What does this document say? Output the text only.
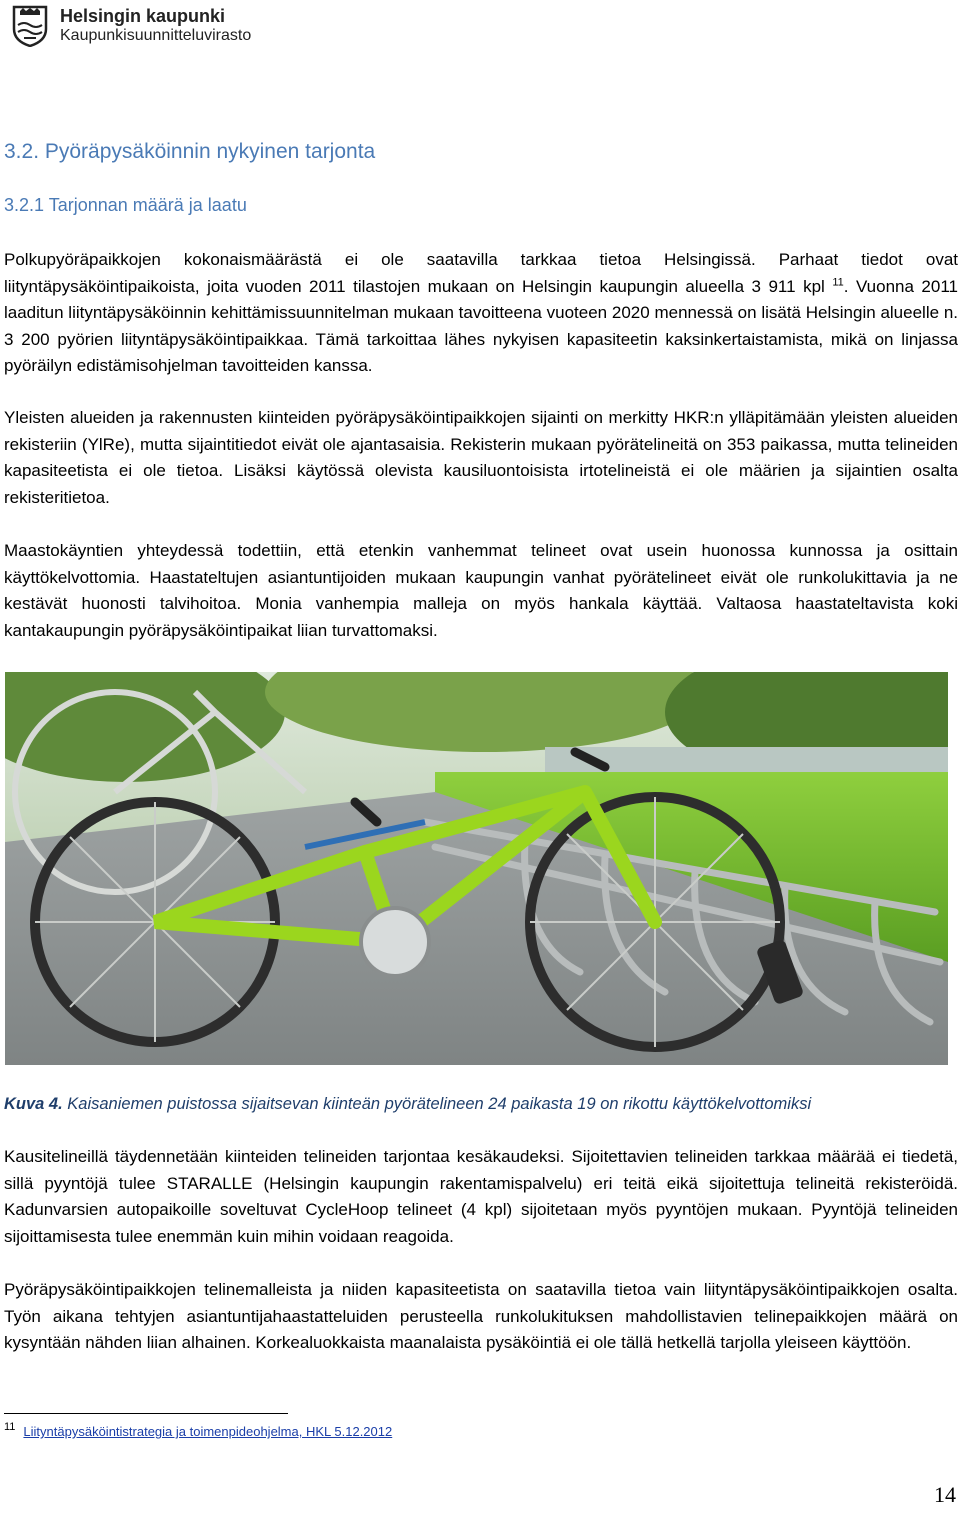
Helsingin kaupunki
Kaupunkisuunnitteluvirasto
3.2. Pyöräpysäköinnin nykyinen tarjonta
3.2.1 Tarjonnan määrä ja laatu

Polkupyöräpaikkojen kokonaismäärästä ei ole saatavilla tarkkaa tietoa Helsingissä. Parhaat tiedot ovat liityntäpysäköintipaikoista, joita vuoden 2011 tilastojen mukaan on Helsingin kaupungin alueella 3 911 kpl $^{11}$. Vuonna 2011 laaditun liityntäpysäköinnin kehittämissuunnitelman mukaan tavoitteena vuoteen 2020 mennessä on lisätä Helsingin alueelle n. 3 200 pyörien liityntäpysäköintipaikkaa. Tämä tarkoittaa lähes nykyisen kapasiteetin kaksinkertaistamista, mikä on linjassa pyöräilyn edistämisohjelman tavoitteiden kanssa.

Yleisten alueiden ja rakennusten kiinteiden pyöräpysäköintipaikkojen sijainti on merkitty HKR:n ylläpitämään yleisten alueiden rekisteriin (YlRe), mutta sijaintitiedot eivät ole ajantasaisia. Rekisterin mukaan pyörätelineitä on 353 paikassa, mutta telineiden kapasiteetista ei ole tietoa. Lisäksi käytössä olevista kausiluontoisista irtotelineistä ei ole määrien ja sijaintien osalta rekisteritietoa.

Maastokäyntien yhteydessä todettiin, että etenkin vanhemmat telineet ovat usein huonossa kunnossa ja osittain käyttökelvottomia. Haastateltujen asiantuntijoiden mukaan kaupungin vanhat pyörätelineet eivät ole runkolukittavia ja ne kestävät huonosti talvihoitoa. Monia vanhempia malleja on myös hankala käyttää. Valtaosa haastateltavista koki kantakaupungin pyöräpysäköintipaikat liian turvattomaksi.

Kuva 4. Kaisaniemen puistossa sijaitsevan kiinteän pyörätelineen 24 paikasta 19 on rikottu käyttökelvottomiksi

Kausitelineillä täydennetään kiinteiden telineiden tarjontaa kesäkaudeksi. Sijoitettavien telineiden tarkkaa määrää ei tiedetä, sillä pyyntöjä tulee STARALLE (Helsingin kaupungin rakentamispalvelu) eri teitä eikä sijoitettuja telineitä rekisteröidä. Kadunvarsien autopaikoille soveltuvat CycleHoop telineet (4 kpl) sijoitetaan myös pyyntöjen mukaan. Pyyntöjä telineiden sijoittamisesta tulee enemmän kuin mihin voidaan reagoida.

Pyöräpysäköintipaikkojen telinemalleista ja niiden kapasiteetista on saatavilla tietoa vain liityntäpysäköintipaikkojen osalta. Työn aikana tehtyjen asiantuntijahaastatteluiden perusteella runkolukituksen mahdollistavien telinepaikkojen määrä on kysyntään nähden liian alhainen. Korkealuokkaista maanalaista pysäköintiä ei ole tällä hetkellä tarjolla yleiseen käyttöön.

$^{11}$ Liityntäpysäköintistrategia ja toimenpideohjelma, HKL 5.12.2012
14
